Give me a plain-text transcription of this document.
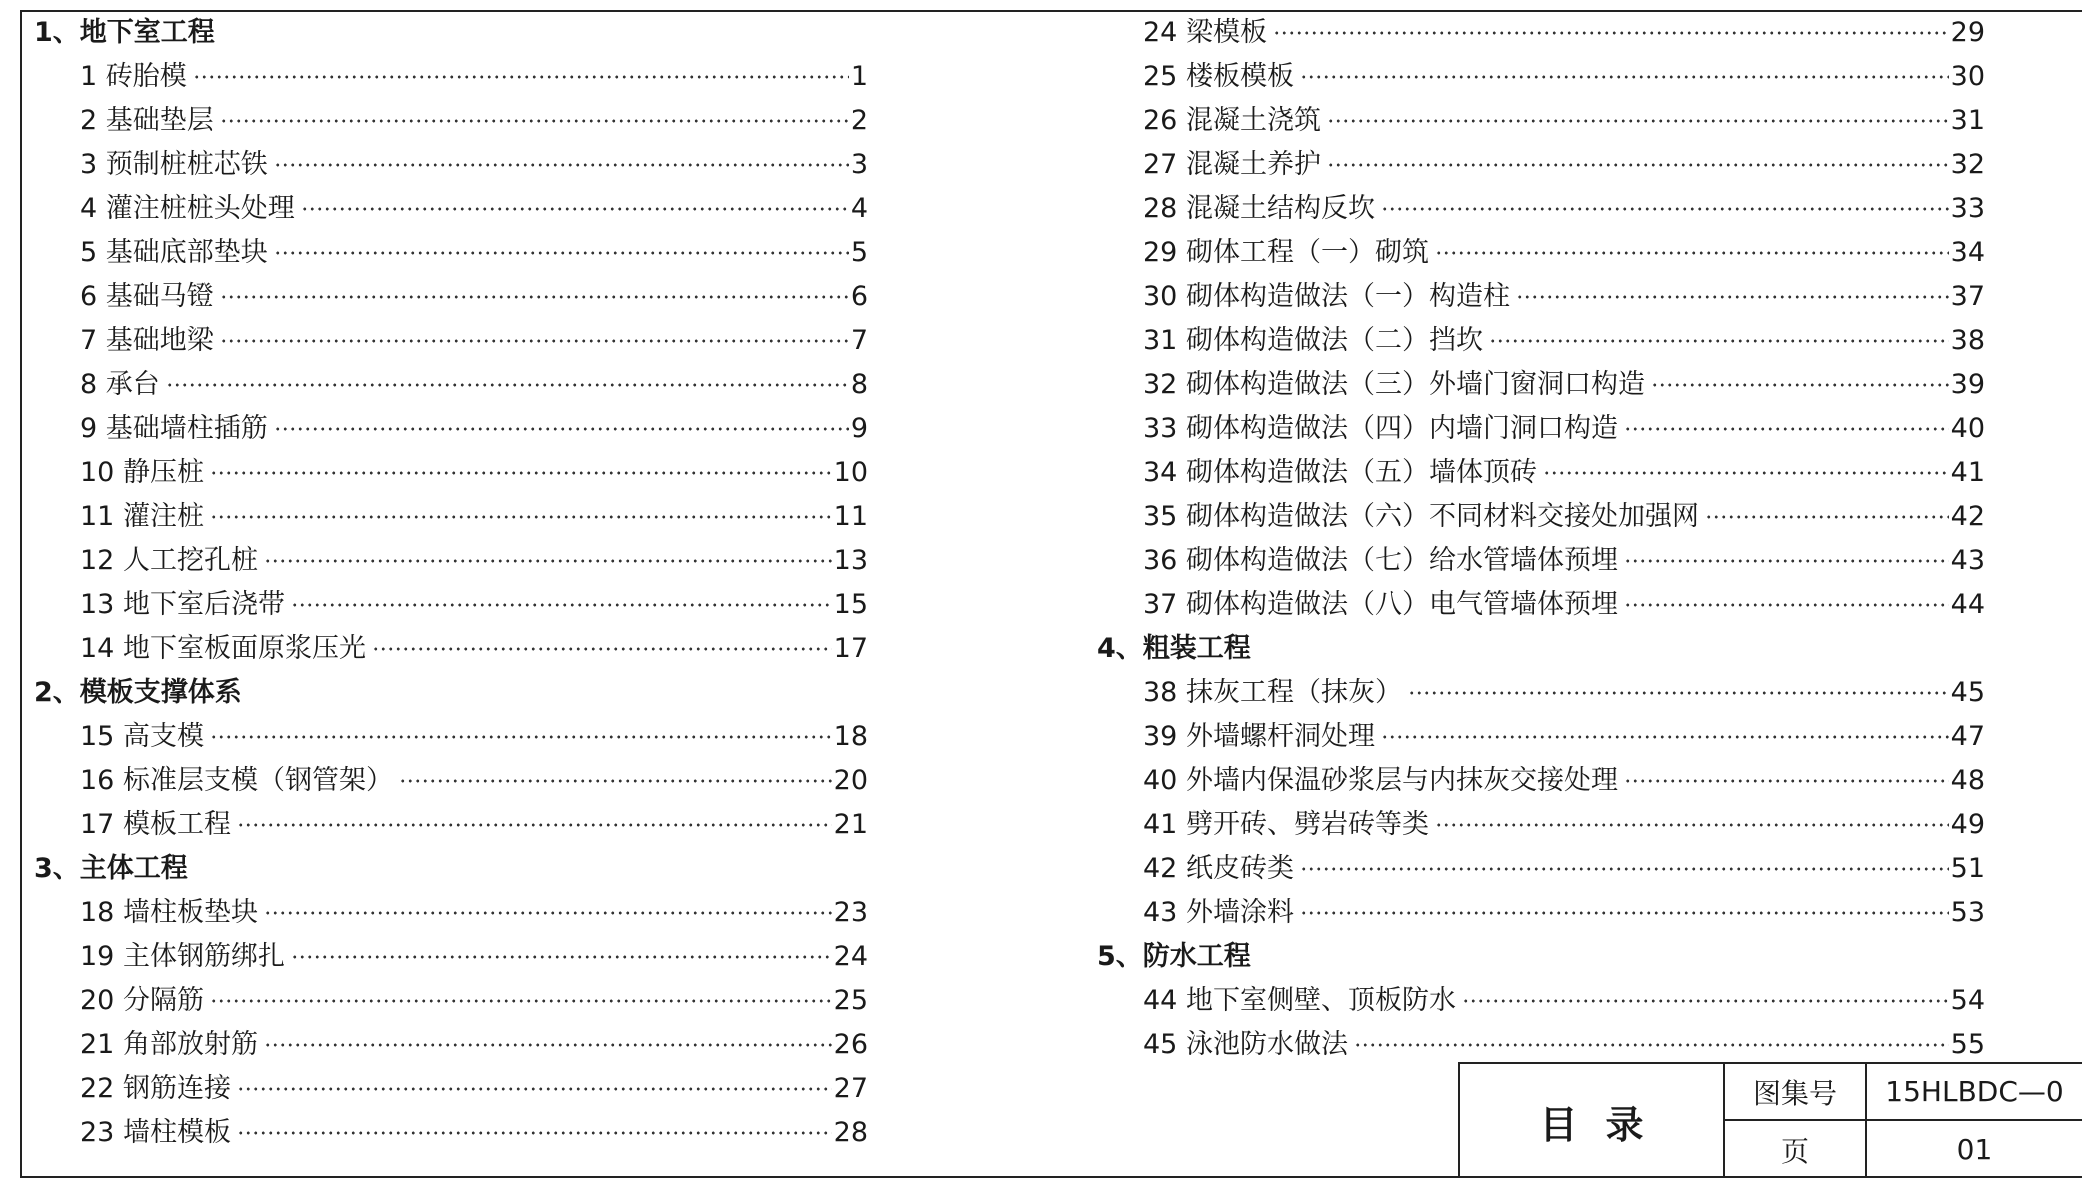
1、地下室工程
1 砖胎模	1
2 基础垫层	2
3 预制桩桩芯铁	3
4 灌注桩桩头处理	4
5 基础底部垫块	5
6 基础马镫	6
7 基础地梁	7
8 承台	8
9 基础墙柱插筋	9
10 静压桩	10
11 灌注桩	11
12 人工挖孔桩	13
13 地下室后浇带	15
14 地下室板面原浆压光	17
2、模板支撑体系
15 高支模	18
16 标准层支模（钢管架）	20
17 模板工程	21
3、主体工程
18 墙柱板垫块	23
19 主体钢筋绑扎	24
20 分隔筋	25
21 角部放射筋	26
22 钢筋连接	27
23 墙柱模板	28
24 梁模板	29
25 楼板模板	30
26 混凝土浇筑	31
27 混凝土养护	32
28 混凝土结构反坎	33
29 砌体工程（一）砌筑	34
30 砌体构造做法（一）构造柱	37
31 砌体构造做法（二）挡坎	38
32 砌体构造做法（三）外墙门窗洞口构造	39
33 砌体构造做法（四）内墙门洞口构造	40
34 砌体构造做法（五）墙体顶砖	41
35 砌体构造做法（六）不同材料交接处加强网	42
36 砌体构造做法（七）给水管墙体预埋	43
37 砌体构造做法（八）电气管墙体预埋	44
4、粗装工程
38 抹灰工程（抹灰）	45
39 外墙螺杆洞处理	47
40 外墙内保温砂浆层与内抹灰交接处理	48
41 劈开砖、劈岩砖等类	49
42 纸皮砖类	51
43 外墙涂料	53
5、防水工程
44 地下室侧壁、顶板防水	54
45 泳池防水做法	55
目录
图集号	15HLBDC—0
页	01
